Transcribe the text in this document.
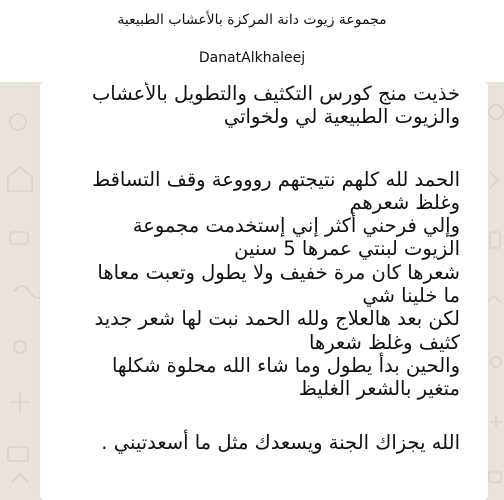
مجموعة زيوت دانة المركزة بالأعشاب الطبيعية
DanatAlkhaleej

خذيت منج كورس التكثيف والتطويل بالأعشاب والزيوت الطبيعية لي ولخواتي

الحمد لله كلهم نتيجتهم روووعة وقف التساقط وغلظ شعرهم

وإلي فرحني أكثر إني إستخدمت مجموعة الزيوت لبنتي عمرها 5 سنين

شعرها كان مرة خفيف ولا يطول وتعبت معاها ما خلينا شي

لكن بعد هالعلاج ولله الحمد نبت لها شعر جديد كثيف وغلظ شعرها

والحين بدأ يطول وما شاء الله محلوة شكلها متغير بالشعر الغليظ

الله يجزاك الجنة ويسعدك مثل ما أسعدتيني .
